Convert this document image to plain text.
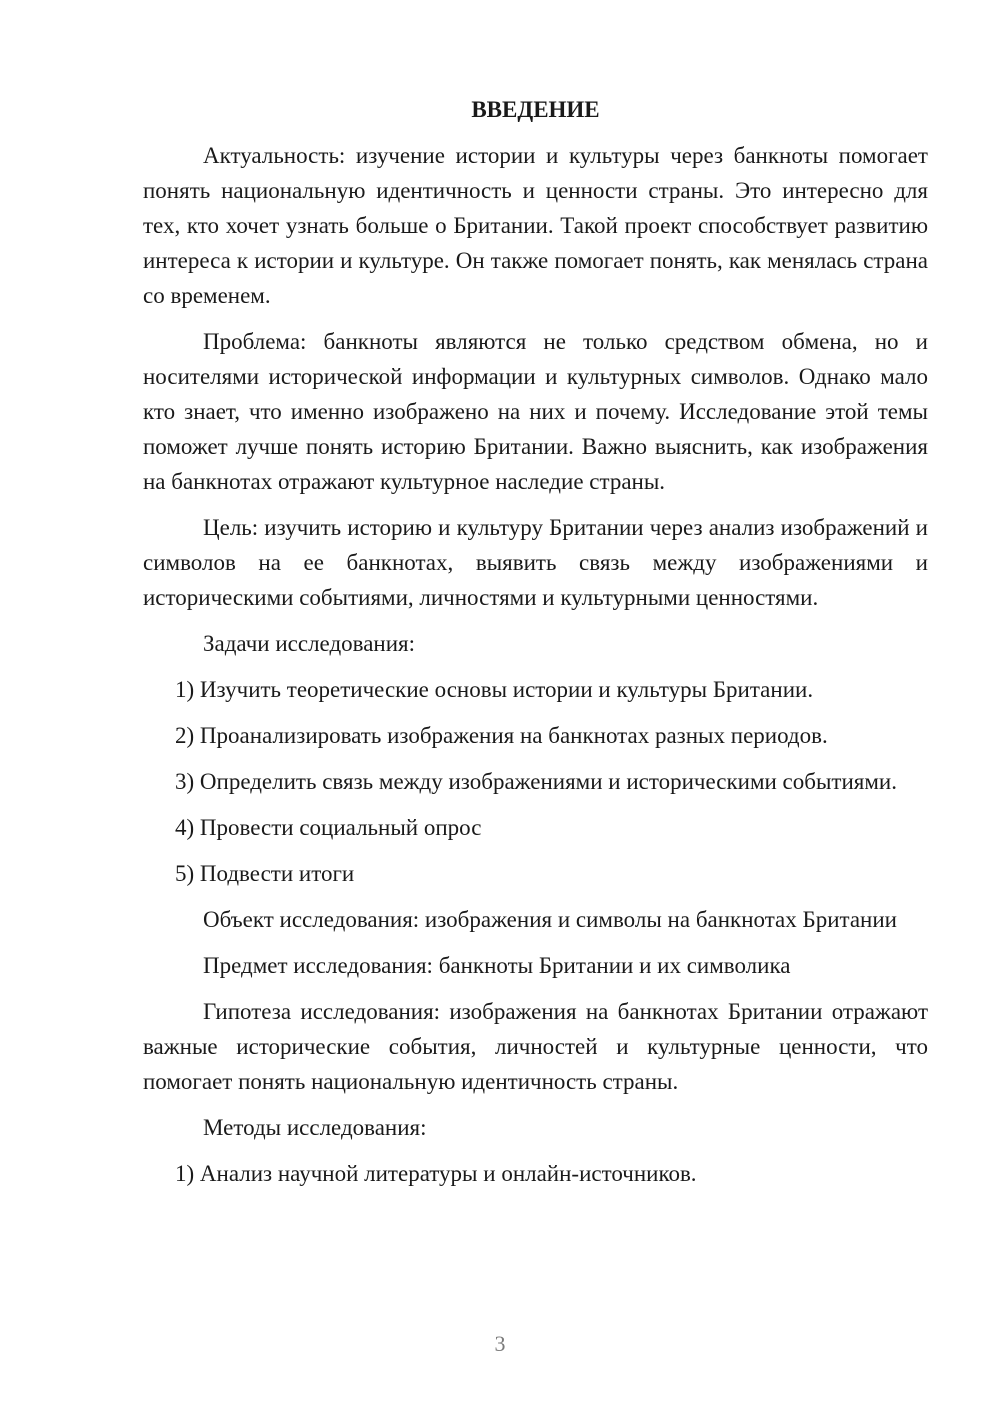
ВВЕДЕНИЕ

Актуальность: изучение истории и культуры через банкноты помогает понять национальную идентичность и ценности страны. Это интересно для тех, кто хочет узнать больше о Британии. Такой проект способствует развитию интереса к истории и культуре. Он также помогает понять, как менялась страна со временем.

Проблема: банкноты являются не только средством обмена, но и носителями исторической информации и культурных символов. Однако мало кто знает, что именно изображено на них и почему. Исследование этой темы поможет лучше понять историю Британии. Важно выяснить, как изображения на банкнотах отражают культурное наследие страны.

Цель: изучить историю и культуру Британии через анализ изображений и символов на ее банкнотах, выявить связь между изображениями и историческими событиями, личностями и культурными ценностями.

Задачи исследования:

1) Изучить теоретические основы истории и культуры Британии.

2) Проанализировать изображения на банкнотах разных периодов.

3) Определить связь между изображениями и историческими событиями.

4) Провести социальный опрос

5) Подвести итоги

Объект исследования: изображения и символы на банкнотах Британии

Предмет исследования: банкноты Британии и их символика

Гипотеза исследования: изображения на банкнотах Британии отражают важные исторические события, личностей и культурные ценности, что помогает понять национальную идентичность страны.

Методы исследования:

1) Анализ научной литературы и онлайн-источников.

3
